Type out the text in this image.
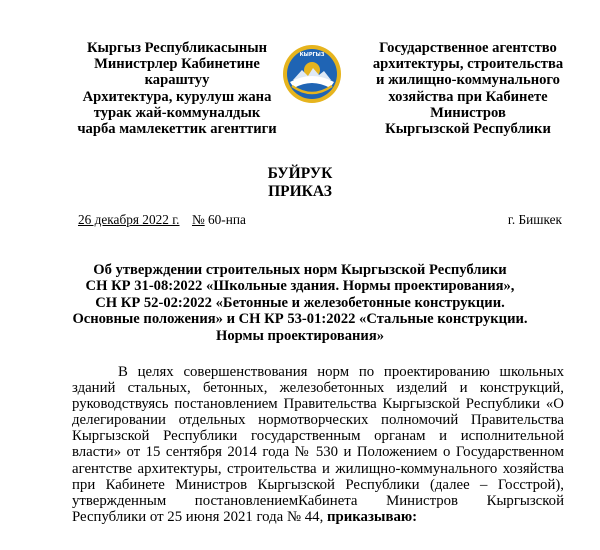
Кыргыз Республикасынын
Министрлер Кабинетине
караштуу
Архитектура, курулуш жана
турак жай-коммуналдык
чарба мамлекеттик агенттиги
КЫРГЫЗ	Государственное агентство
архитектуры, строительства
и жилищно-коммунального
хозяйства при Кабинете
Министров
Кыргызской Республики
БУЙРУК
ПРИКАЗ
26 декабря 2022 г. № 60-нпа	г. Бишкек
Об утверждении строительных норм Кыргызской Республики
СН КР 31-08:2022 «Школьные здания. Нормы проектирования»,
СН КР 52-02:2022 «Бетонные и железобетонные конструкции.
Основные положения» и СН КР 53-01:2022 «Стальные конструкции.
Нормы проектирования»
В целях совершенствования норм по проектированию школьных зданий стальных, бетонных, железобетонных изделий и конструкций, руководствуясь постановлением Правительства Кыргызской Республики «О делегировании отдельных нормотворческих полномочий Правительства Кыргызской Республики государственным органам и исполнительной власти» от 15 сентября 2014 года № 530 и Положением о Государственном агентстве архитектуры, строительства и жилищно-коммунального хозяйства при Кабинете Министров Кыргызской Республики (далее – Госстрой), утвержденным постановлениемКабинета Министров Кыргызской Республики от 25 июня 2021 года № 44, приказываю:
